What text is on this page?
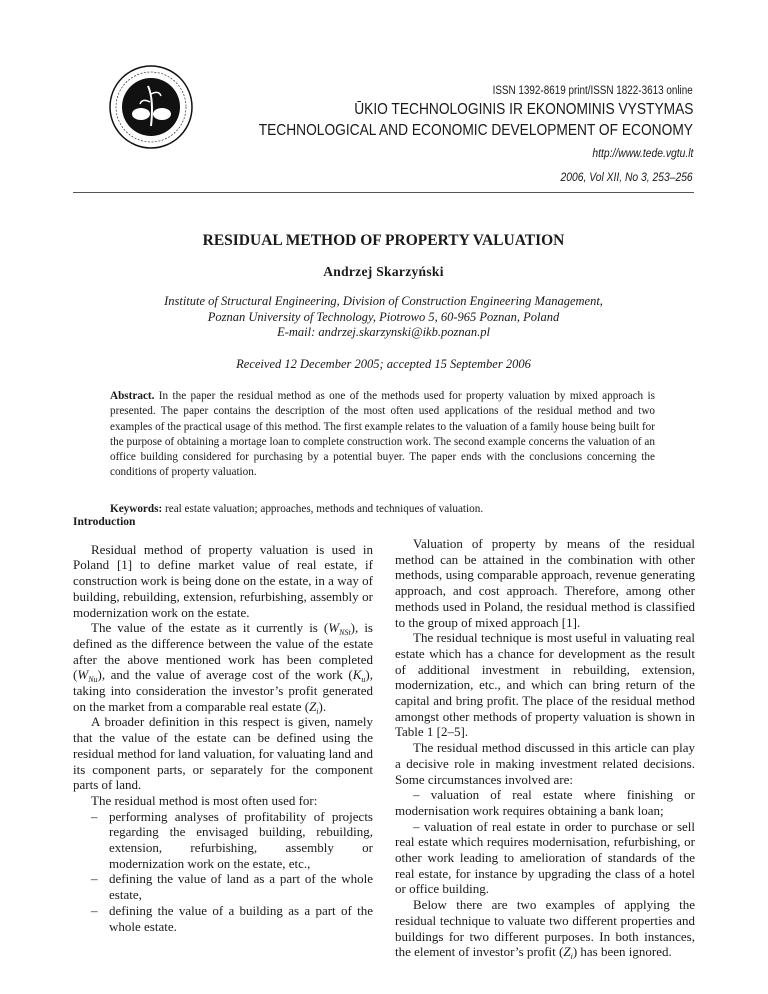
ISSN 1392-8619 print/ISSN 1822-3613 online
ŪKIO TECHNOLOGINIS IR EKONOMINIS VYSTYMAS
TECHNOLOGICAL AND ECONOMIC DEVELOPMENT OF ECONOMY
http://www.tede.vgtu.lt
2006, Vol XII, No 3, 253–256
RESIDUAL METHOD OF PROPERTY VALUATION
Andrzej Skarzyński
Institute of Structural Engineering, Division of Construction Engineering Management,
Poznan University of Technology, Piotrowo 5, 60-965 Poznan, Poland
E-mail: andrzej.skarzynski@ikb.poznan.pl
Received 12 December 2005; accepted 15 September 2006
Abstract. In the paper the residual method as one of the methods used for property valuation by mixed approach is presented. The paper contains the description of the most often used applications of the residual method and two examples of the practical usage of this method. The first example relates to the valuation of a family house being built for the purpose of obtaining a mortage loan to complete construction work. The second example concerns the valuation of an office building considered for purchasing by a potential buyer. The paper ends with the conclusions concerning the conditions of property valuation.
Keywords: real estate valuation; approaches, methods and techniques of valuation.
Introduction

Residual method of property valuation is used in Poland [1] to define market value of real estate, if construction work is being done on the estate, in a way of building, rebuilding, extension, refurbishing, assembly or modernization work on the estate.

The value of the estate as it currently is $(W_{NSt})$, is defined as the difference between the value of the estate after the above mentioned work has been completed $(W_{Nu})$, and the value of average cost of the work $(K_u)$, taking into consideration the investor’s profit generated on the market from a comparable real estate $(Z_i)$.

A broader definition in this respect is given, namely that the value of the estate can be defined using the residual method for land valuation, for valuating land and its component parts, or separately for the component parts of land.

The residual method is most often used for:

– performing analyses of profitability of projects regarding the envisaged building, rebuilding, extension, refurbishing, assembly or modernization work on the estate, etc.,
– defining the value of land as a part of the whole estate,
– defining the value of a building as a part of the whole estate.

Valuation of property by means of the residual method can be attained in the combination with other methods, using comparable approach, revenue generating approach, and cost approach. Therefore, among other methods used in Poland, the residual method is classified to the group of mixed approach [1].

The residual technique is most useful in valuating real estate which has a chance for development as the result of additional investment in rebuilding, extension, modernization, etc., and which can bring return of the capital and bring profit. The place of the residual method amongst other methods of property valuation is shown in Table 1 [2–5].

The residual method discussed in this article can play a decisive role in making investment related decisions. Some circumstances involved are:

– valuation of real estate where finishing or modernisation work requires obtaining a bank loan;

– valuation of real estate in order to purchase or sell real estate which requires modernisation, refurbishing, or other work leading to amelioration of standards of the real estate, for instance by upgrading the class of a hotel or office building.

Below there are two examples of applying the residual technique to valuate two different properties and buildings for two different purposes. In both instances, the element of investor’s profit $(Z_i)$ has been ignored.
